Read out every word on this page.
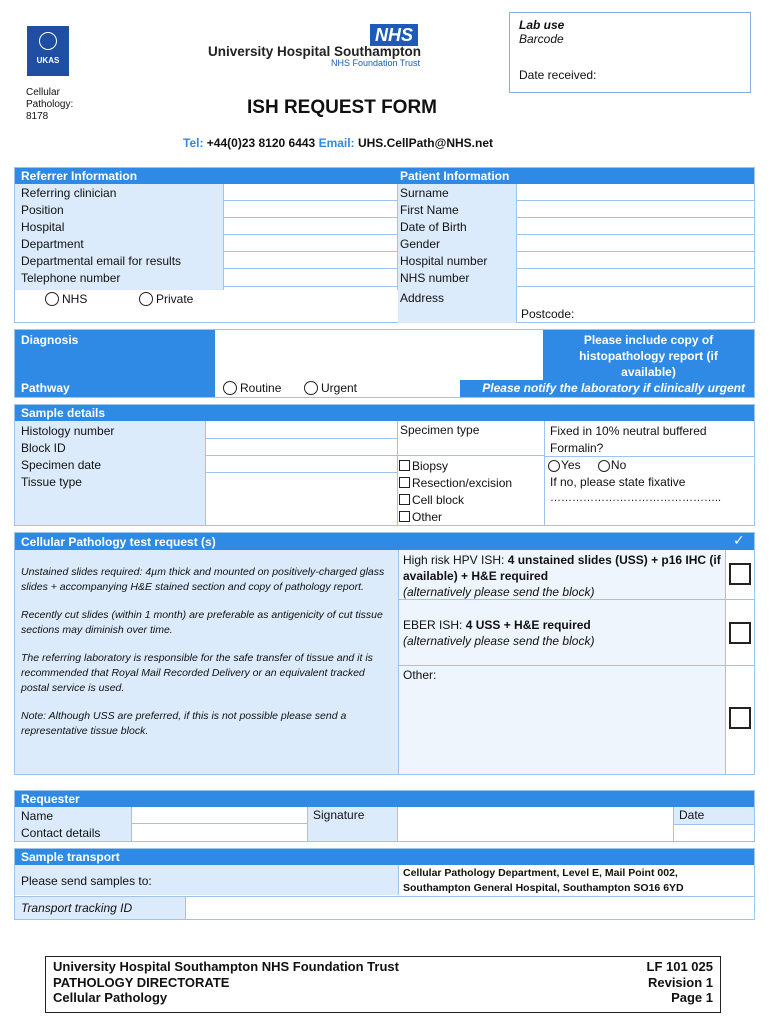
UKAS
NHS
University Hospital Southampton
NHS Foundation Trust
Cellular Pathology: 8178	ISH REQUEST FORM
Tel: +44(0)23 8120 6443 Email: UHS.CellPath@NHS.net
Lab use
Barcode
Date received:
Referrer Information	Patient Information
Referring clinician
Position
Hospital
Department
Departmental email for results
Telephone number
NHS	Private
Surname
First Name
Date of Birth
Gender
Hospital number
NHS number
Address
Postcode:
Diagnosis	Please include copy of histopathology report (if available)
Pathway	Routine	Urgent	Please notify the laboratory if clinically urgent
Sample details
Histology number
Block ID
Specimen date
Tissue type
Specimen type
Biopsy
Resection/excision
Cell block
Other
Fixed in 10% neutral buffered Formalin?
Yes	No
If no, please state fixative
………………………………………..
Cellular Pathology test request (s)	✓
Unstained slides required: 4µm thick and mounted on positively-charged glass slides + accompanying H&E stained section and copy of pathology report.
Recently cut slides (within 1 month) are preferable as antigenicity of cut tissue sections may diminish over time.
The referring laboratory is responsible for the safe transfer of tissue and it is recommended that Royal Mail Recorded Delivery or an equivalent tracked postal service is used.
Note: Although USS are preferred, if this is not possible please send a representative tissue block.
High risk HPV ISH: 4 unstained slides (USS) + p16 IHC (if available) + H&E required
(alternatively please send the block)
EBER ISH: 4 USS + H&E required
(alternatively please send the block)
Other:
Requester
Name
Contact details
Signature	Date
Sample transport
Please send samples to:
Cellular Pathology Department, Level E, Mail Point 002,
Southampton General Hospital, Southampton SO16 6YD
Transport tracking ID
University Hospital Southampton NHS Foundation Trust
PATHOLOGY DIRECTORATE
Cellular Pathology
LF 101 025
Revision 1
Page 1
